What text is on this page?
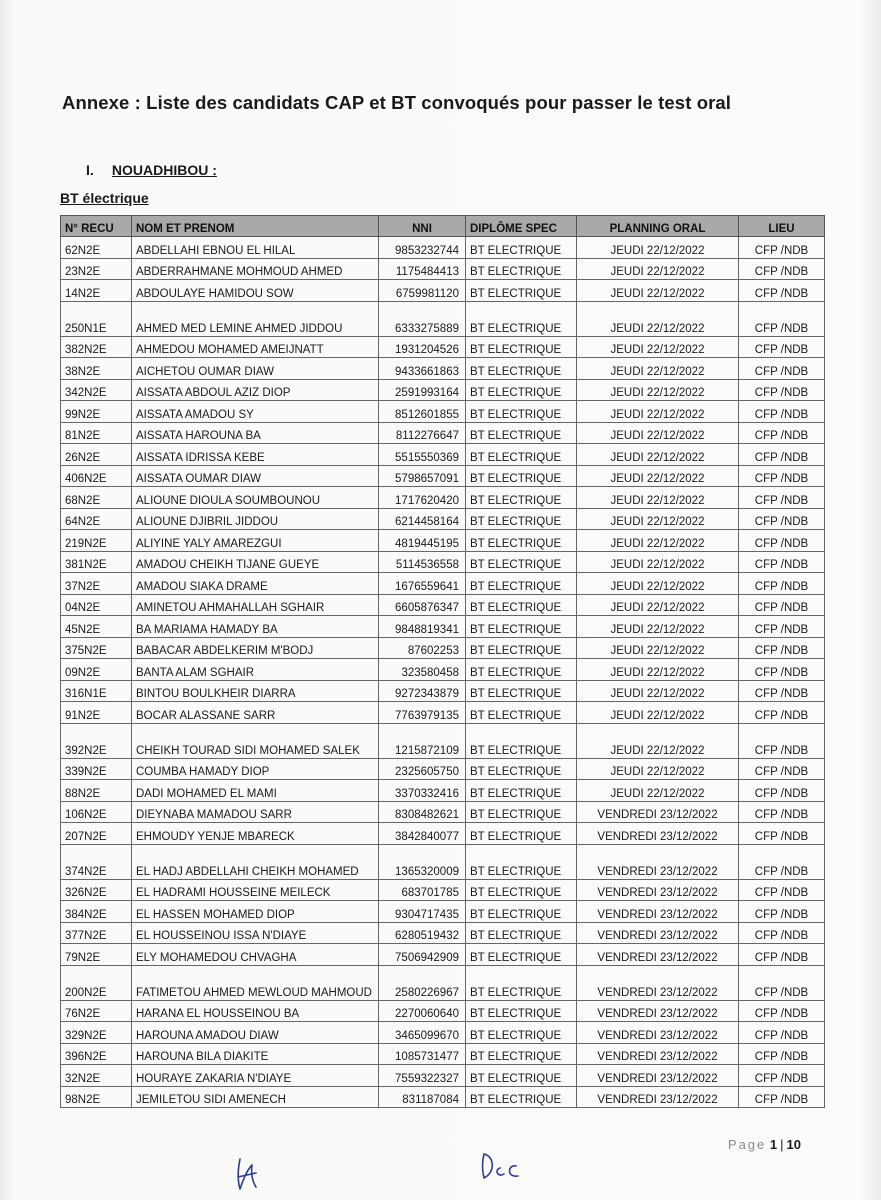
Annexe : Liste des candidats CAP et BT convoqués pour passer le test oral
I. NOUADHIBOU :
BT électrique
N° RECU	NOM ET PRENOM	NNI	DIPLÔME SPEC	PLANNING ORAL	LIEU
62N2E	ABDELLAHI EBNOU EL HILAL	9853232744	BT ELECTRIQUE	JEUDI 22/12/2022	CFP /NDB
23N2E	ABDERRAHMANE MOHMOUD AHMED	1175484413	BT ELECTRIQUE	JEUDI 22/12/2022	CFP /NDB
14N2E	ABDOULAYE HAMIDOU SOW	6759981120	BT ELECTRIQUE	JEUDI 22/12/2022	CFP /NDB
250N1E	AHMED MED LEMINE AHMED JIDDOU	6333275889	BT ELECTRIQUE	JEUDI 22/12/2022	CFP /NDB
382N2E	AHMEDOU MOHAMED AMEIJNATT	1931204526	BT ELECTRIQUE	JEUDI 22/12/2022	CFP /NDB
38N2E	AICHETOU OUMAR DIAW	9433661863	BT ELECTRIQUE	JEUDI 22/12/2022	CFP /NDB
342N2E	AISSATA ABDOUL AZIZ DIOP	2591993164	BT ELECTRIQUE	JEUDI 22/12/2022	CFP /NDB
99N2E	AISSATA AMADOU SY	8512601855	BT ELECTRIQUE	JEUDI 22/12/2022	CFP /NDB
81N2E	AISSATA HAROUNA BA	8112276647	BT ELECTRIQUE	JEUDI 22/12/2022	CFP /NDB
26N2E	AISSATA IDRISSA KEBE	5515550369	BT ELECTRIQUE	JEUDI 22/12/2022	CFP /NDB
406N2E	AISSATA OUMAR DIAW	5798657091	BT ELECTRIQUE	JEUDI 22/12/2022	CFP /NDB
68N2E	ALIOUNE DIOULA SOUMBOUNOU	1717620420	BT ELECTRIQUE	JEUDI 22/12/2022	CFP /NDB
64N2E	ALIOUNE DJIBRIL JIDDOU	6214458164	BT ELECTRIQUE	JEUDI 22/12/2022	CFP /NDB
219N2E	ALIYINE YALY AMAREZGUI	4819445195	BT ELECTRIQUE	JEUDI 22/12/2022	CFP /NDB
381N2E	AMADOU CHEIKH TIJANE GUEYE	5114536558	BT ELECTRIQUE	JEUDI 22/12/2022	CFP /NDB
37N2E	AMADOU SIAKA DRAME	1676559641	BT ELECTRIQUE	JEUDI 22/12/2022	CFP /NDB
04N2E	AMINETOU AHMAHALLAH SGHAIR	6605876347	BT ELECTRIQUE	JEUDI 22/12/2022	CFP /NDB
45N2E	BA MARIAMA HAMADY BA	9848819341	BT ELECTRIQUE	JEUDI 22/12/2022	CFP /NDB
375N2E	BABACAR ABDELKERIM M'BODJ	87602253	BT ELECTRIQUE	JEUDI 22/12/2022	CFP /NDB
09N2E	BANTA ALAM SGHAIR	323580458	BT ELECTRIQUE	JEUDI 22/12/2022	CFP /NDB
316N1E	BINTOU BOULKHEIR DIARRA	9272343879	BT ELECTRIQUE	JEUDI 22/12/2022	CFP /NDB
91N2E	BOCAR ALASSANE SARR	7763979135	BT ELECTRIQUE	JEUDI 22/12/2022	CFP /NDB
392N2E	CHEIKH TOURAD SIDI MOHAMED SALEK	1215872109	BT ELECTRIQUE	JEUDI 22/12/2022	CFP /NDB
339N2E	COUMBA HAMADY DIOP	2325605750	BT ELECTRIQUE	JEUDI 22/12/2022	CFP /NDB
88N2E	DADI MOHAMED EL MAMI	3370332416	BT ELECTRIQUE	JEUDI 22/12/2022	CFP /NDB
106N2E	DIEYNABA MAMADOU SARR	8308482621	BT ELECTRIQUE	VENDREDI 23/12/2022	CFP /NDB
207N2E	EHMOUDY YENJE MBARECK	3842840077	BT ELECTRIQUE	VENDREDI 23/12/2022	CFP /NDB
374N2E	EL HADJ ABDELLAHI CHEIKH MOHAMED	1365320009	BT ELECTRIQUE	VENDREDI 23/12/2022	CFP /NDB
326N2E	EL HADRAMI HOUSSEINE MEILECK	683701785	BT ELECTRIQUE	VENDREDI 23/12/2022	CFP /NDB
384N2E	EL HASSEN MOHAMED DIOP	9304717435	BT ELECTRIQUE	VENDREDI 23/12/2022	CFP /NDB
377N2E	EL HOUSSEINOU ISSA N'DIAYE	6280519432	BT ELECTRIQUE	VENDREDI 23/12/2022	CFP /NDB
79N2E	ELY MOHAMEDOU CHVAGHA	7506942909	BT ELECTRIQUE	VENDREDI 23/12/2022	CFP /NDB
200N2E	FATIMETOU AHMED MEWLOUD MAHMOUD	2580226967	BT ELECTRIQUE	VENDREDI 23/12/2022	CFP /NDB
76N2E	HARANA EL HOUSSEINOU BA	2270060640	BT ELECTRIQUE	VENDREDI 23/12/2022	CFP /NDB
329N2E	HAROUNA AMADOU DIAW	3465099670	BT ELECTRIQUE	VENDREDI 23/12/2022	CFP /NDB
396N2E	HAROUNA BILA DIAKITE	1085731477	BT ELECTRIQUE	VENDREDI 23/12/2022	CFP /NDB
32N2E	HOURAYE ZAKARIA N'DIAYE	7559322327	BT ELECTRIQUE	VENDREDI 23/12/2022	CFP /NDB
98N2E	JEMILETOU SIDI AMENECH	831187084	BT ELECTRIQUE	VENDREDI 23/12/2022	CFP /NDB
Page 1 | 10
